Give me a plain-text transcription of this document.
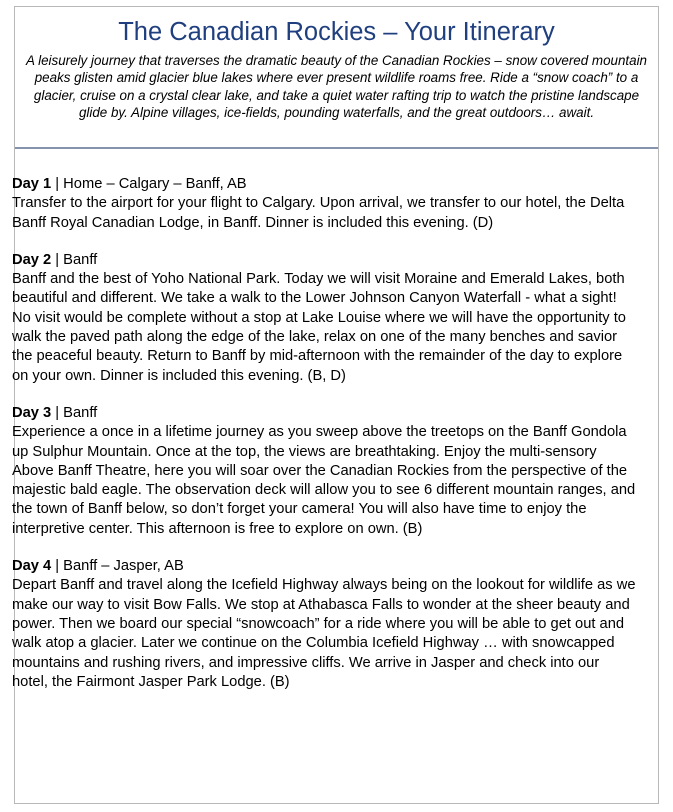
The Canadian Rockies – Your Itinerary

A leisurely journey that traverses the dramatic beauty of the Canadian Rockies – snow covered mountain peaks glisten amid glacier blue lakes where ever present wildlife roams free. Ride a “snow coach” to a glacier, cruise on a crystal clear lake, and take a quiet water rafting trip to watch the pristine landscape glide by. Alpine villages, ice-fields, pounding waterfalls, and the great outdoors… await.

Day 1 | Home – Calgary – Banff, AB
Transfer to the airport for your flight to Calgary. Upon arrival, we transfer to our hotel, the Delta Banff Royal Canadian Lodge, in Banff. Dinner is included this evening. (D)
Day 2 | Banff
Banff and the best of Yoho National Park. Today we will visit Moraine and Emerald Lakes, both beautiful and different. We take a walk to the Lower Johnson Canyon Waterfall - what a sight! No visit would be complete without a stop at Lake Louise where we will have the opportunity to walk the paved path along the edge of the lake, relax on one of the many benches and savior the peaceful beauty. Return to Banff by mid-afternoon with the remainder of the day to explore on your own. Dinner is included this evening. (B, D)
Day 3 | Banff
Experience a once in a lifetime journey as you sweep above the treetops on the Banff Gondola up Sulphur Mountain. Once at the top, the views are breathtaking. Enjoy the multi-sensory Above Banff Theatre, here you will soar over the Canadian Rockies from the perspective of the majestic bald eagle. The observation deck will allow you to see 6 different mountain ranges, and the town of Banff below, so don’t forget your camera! You will also have time to enjoy the interpretive center. This afternoon is free to explore on own. (B)
Day 4 | Banff – Jasper, AB
Depart Banff and travel along the Icefield Highway always being on the lookout for wildlife as we make our way to visit Bow Falls. We stop at Athabasca Falls to wonder at the sheer beauty and power. Then we board our special “snowcoach” for a ride where you will be able to get out and walk atop a glacier. Later we continue on the Columbia Icefield Highway … with snowcapped mountains and rushing rivers, and impressive cliffs. We arrive in Jasper and check into our hotel, the Fairmont Jasper Park Lodge. (B)
